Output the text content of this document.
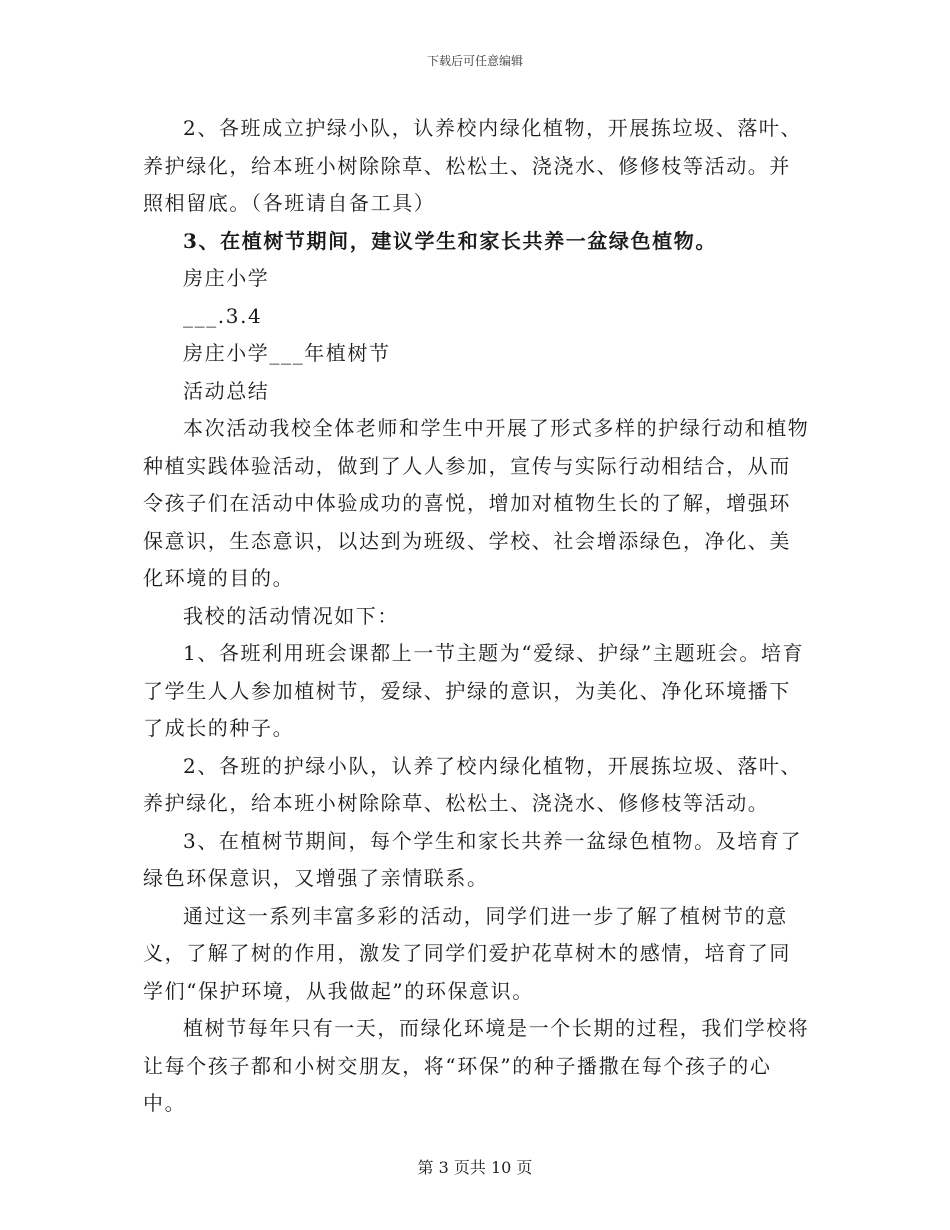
下载后可任意编辑

2、各班成立护绿小队，认养校内绿化植物，开展拣垃圾、落叶、养护绿化，给本班小树除除草、松松土、浇浇水、修修枝等活动。并照相留底。（各班请自备工具）

3、在植树节期间，建议学生和家长共养一盆绿色植物。

房庄小学

___.3.4

房庄小学___年植树节

活动总结

本次活动我校全体老师和学生中开展了形式多样的护绿行动和植物种植实践体验活动，做到了人人参加，宣传与实际行动相结合，从而令孩子们在活动中体验成功的喜悦，增加对植物生长的了解，增强环保意识，生态意识，以达到为班级、学校、社会增添绿色，净化、美化环境的目的。

我校的活动情况如下：

1、各班利用班会课都上一节主题为“爱绿、护绿”主题班会。培育了学生人人参加植树节，爱绿、护绿的意识，为美化、净化环境播下了成长的种子。

2、各班的护绿小队，认养了校内绿化植物，开展拣垃圾、落叶、养护绿化，给本班小树除除草、松松土、浇浇水、修修枝等活动。

3、在植树节期间，每个学生和家长共养一盆绿色植物。及培育了绿色环保意识，又增强了亲情联系。

通过这一系列丰富多彩的活动，同学们进一步了解了植树节的意义，了解了树的作用，激发了同学们爱护花草树木的感情，培育了同学们“保护环境，从我做起”的环保意识。

植树节每年只有一天，而绿化环境是一个长期的过程，我们学校将让每个孩子都和小树交朋友，将“环保”的种子播撒在每个孩子的心中。

第 3 页共 10 页
